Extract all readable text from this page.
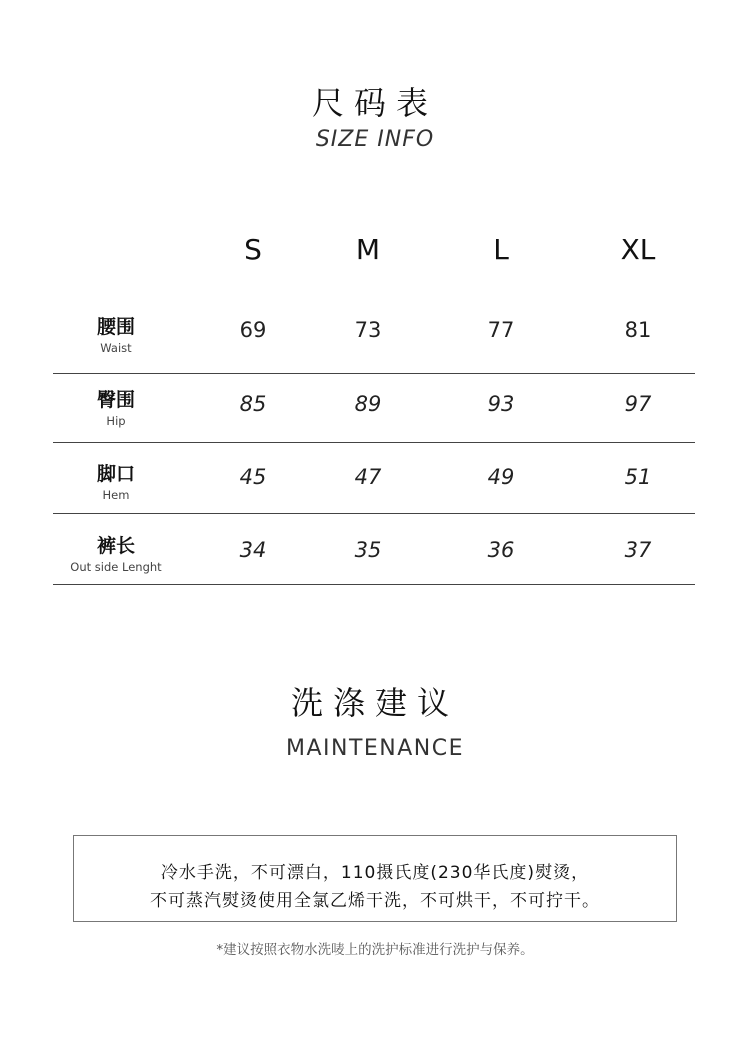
尺码表
SIZE INFO
S	M	L	XL
腰围
Waist
69	73	77	81
臀围
Hip
85	89	93	97
脚口
Hem
45	47	49	51
裤长
Out side Lenght
34	35	36	37
洗涤建议
MAINTENANCE
冷水手洗，不可漂白，110摄氏度(230华氏度)熨烫，
不可蒸汽熨烫使用全氯乙烯干洗，不可烘干，不可拧干。
*建议按照衣物水洗唛上的洗护标准进行洗护与保养。
